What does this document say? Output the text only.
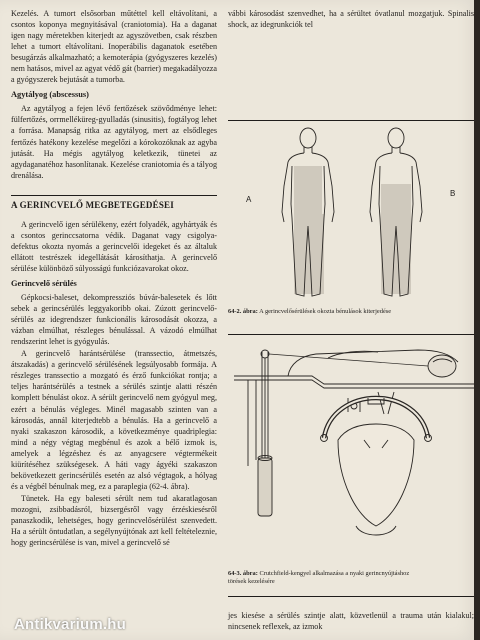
Kezelés. A tumort elsősorban műtéttel kell eltávolítani, a csontos koponya megnyitásával (craniotomia). Ha a daganat igen nagy méretekben kiterjedt az agyszövetben, csak részben lehet a tumort eltávolítani. Inoperábilis daganatok esetében besugárzás alkalmazható; a kemoterápia (gyógyszeres kezelés) nem hatásos, mivel az agyat védő gát (barrier) megakadályozza a gyógyszerek bejutását a tumorba.

Agytályog (abscessus)

Az agytályog a fejen lévő fertőzések szövődménye lehet: fülfertőzés, orrmelléküreg-gyulladás (sinusitis), fogtályog lehet a forrása. Manapság ritka az agytályog, mert az elsődleges fertőzés hatékony kezelése megelőzi a kórokozóknak az agyba jutását. Ha mégis agytályog keletkezik, tünetei az agydaganatéhoz hasonlítanak. Kezelése craniotomia és a tályog drenálása.

A GERINCVELŐ MEGBETEGEDÉSEI

A gerincvelő igen sérülékeny, ezért folyadék, agyhártyák és a csontos gerinccsatorna védik. Daganat vagy csigolya-defektus okozta nyomás a gerincvelői idegeket és az általuk ellátott testrészek idegellátását károsíthatja. A gerincvelő sérülése különböző súlyosságú funkciózavarokat okoz.

Gerincvelő sérülés

Gépkocsi-baleset, dekompressziós búvár-balesetek és lőtt sebek a gerincsérülés leggyakoribb okai. Zúzott gerincvelő-sérülés az idegrendszer funkcionális károsodását okozza, a vázban elmúlhat, részleges bénulással. A vázodó elmúlhat rendszerint lehet is gyógyulás.

A gerincvelő harántsérülése (transsectio, átmetszés, átszakadás) a gerincvelő sérülésének legsúlyosabb formája. A részleges transsectio a mozgató és érző funkciókat rontja; a teljes harántsérülés a testnek a sérülés szintje alatti részén komplett bénulást okoz. A sérült gerincvelő nem gyógyul meg, ezért a bénulás végleges. Minél magasabb szinten van a károsodás, annál kiterjedtebb a bénulás. Ha a gerincvelő a nyaki szakaszon károsodik, a következménye quadriplegia: mind a négy végtag megbénul és azok a bélő izmok is, amelyek a légzéshez és az anyagcsere végtermékeit kiürítéséhez szükségesek. A háti vagy ágyéki szakaszon bekövetkezett gerincsérülés esetén az alsó végtagok, a hólyag és a végbél bénulnak meg, ez a paraplegia (62-4. ábra).

Tünetek. Ha egy baleseti sérült nem tud akaratlagosan mozogni, zsibbadásról, bizsergésről vagy érzéskiesésről panaszkodik, lehetséges, hogy gerincvelősérülést szenvedett. Ha a sérült öntudatlan, a segélynyújtónak azt kell feltételeznie, hogy gerincsérülése is van, mivel a gerincvelő sé

vábbi károsodást szenvedhet, ha a sérültet óvatlanul mozgatjuk. Spinalis shock, az idegrunkciók tel

A
B
64-2. ábra: A gerincvelősérülések okozta bénulások kiterjedése
64-3. ábra: Crutchfield-kengyel alkalmazása a nyaki gerincnyújtáshoz törések kezelésére

jes kiesése a sérülés szintje alatt, közvetlenül a trauma után kialakul; nincsenek reflexek, az izmok

Antikvarium.hu
